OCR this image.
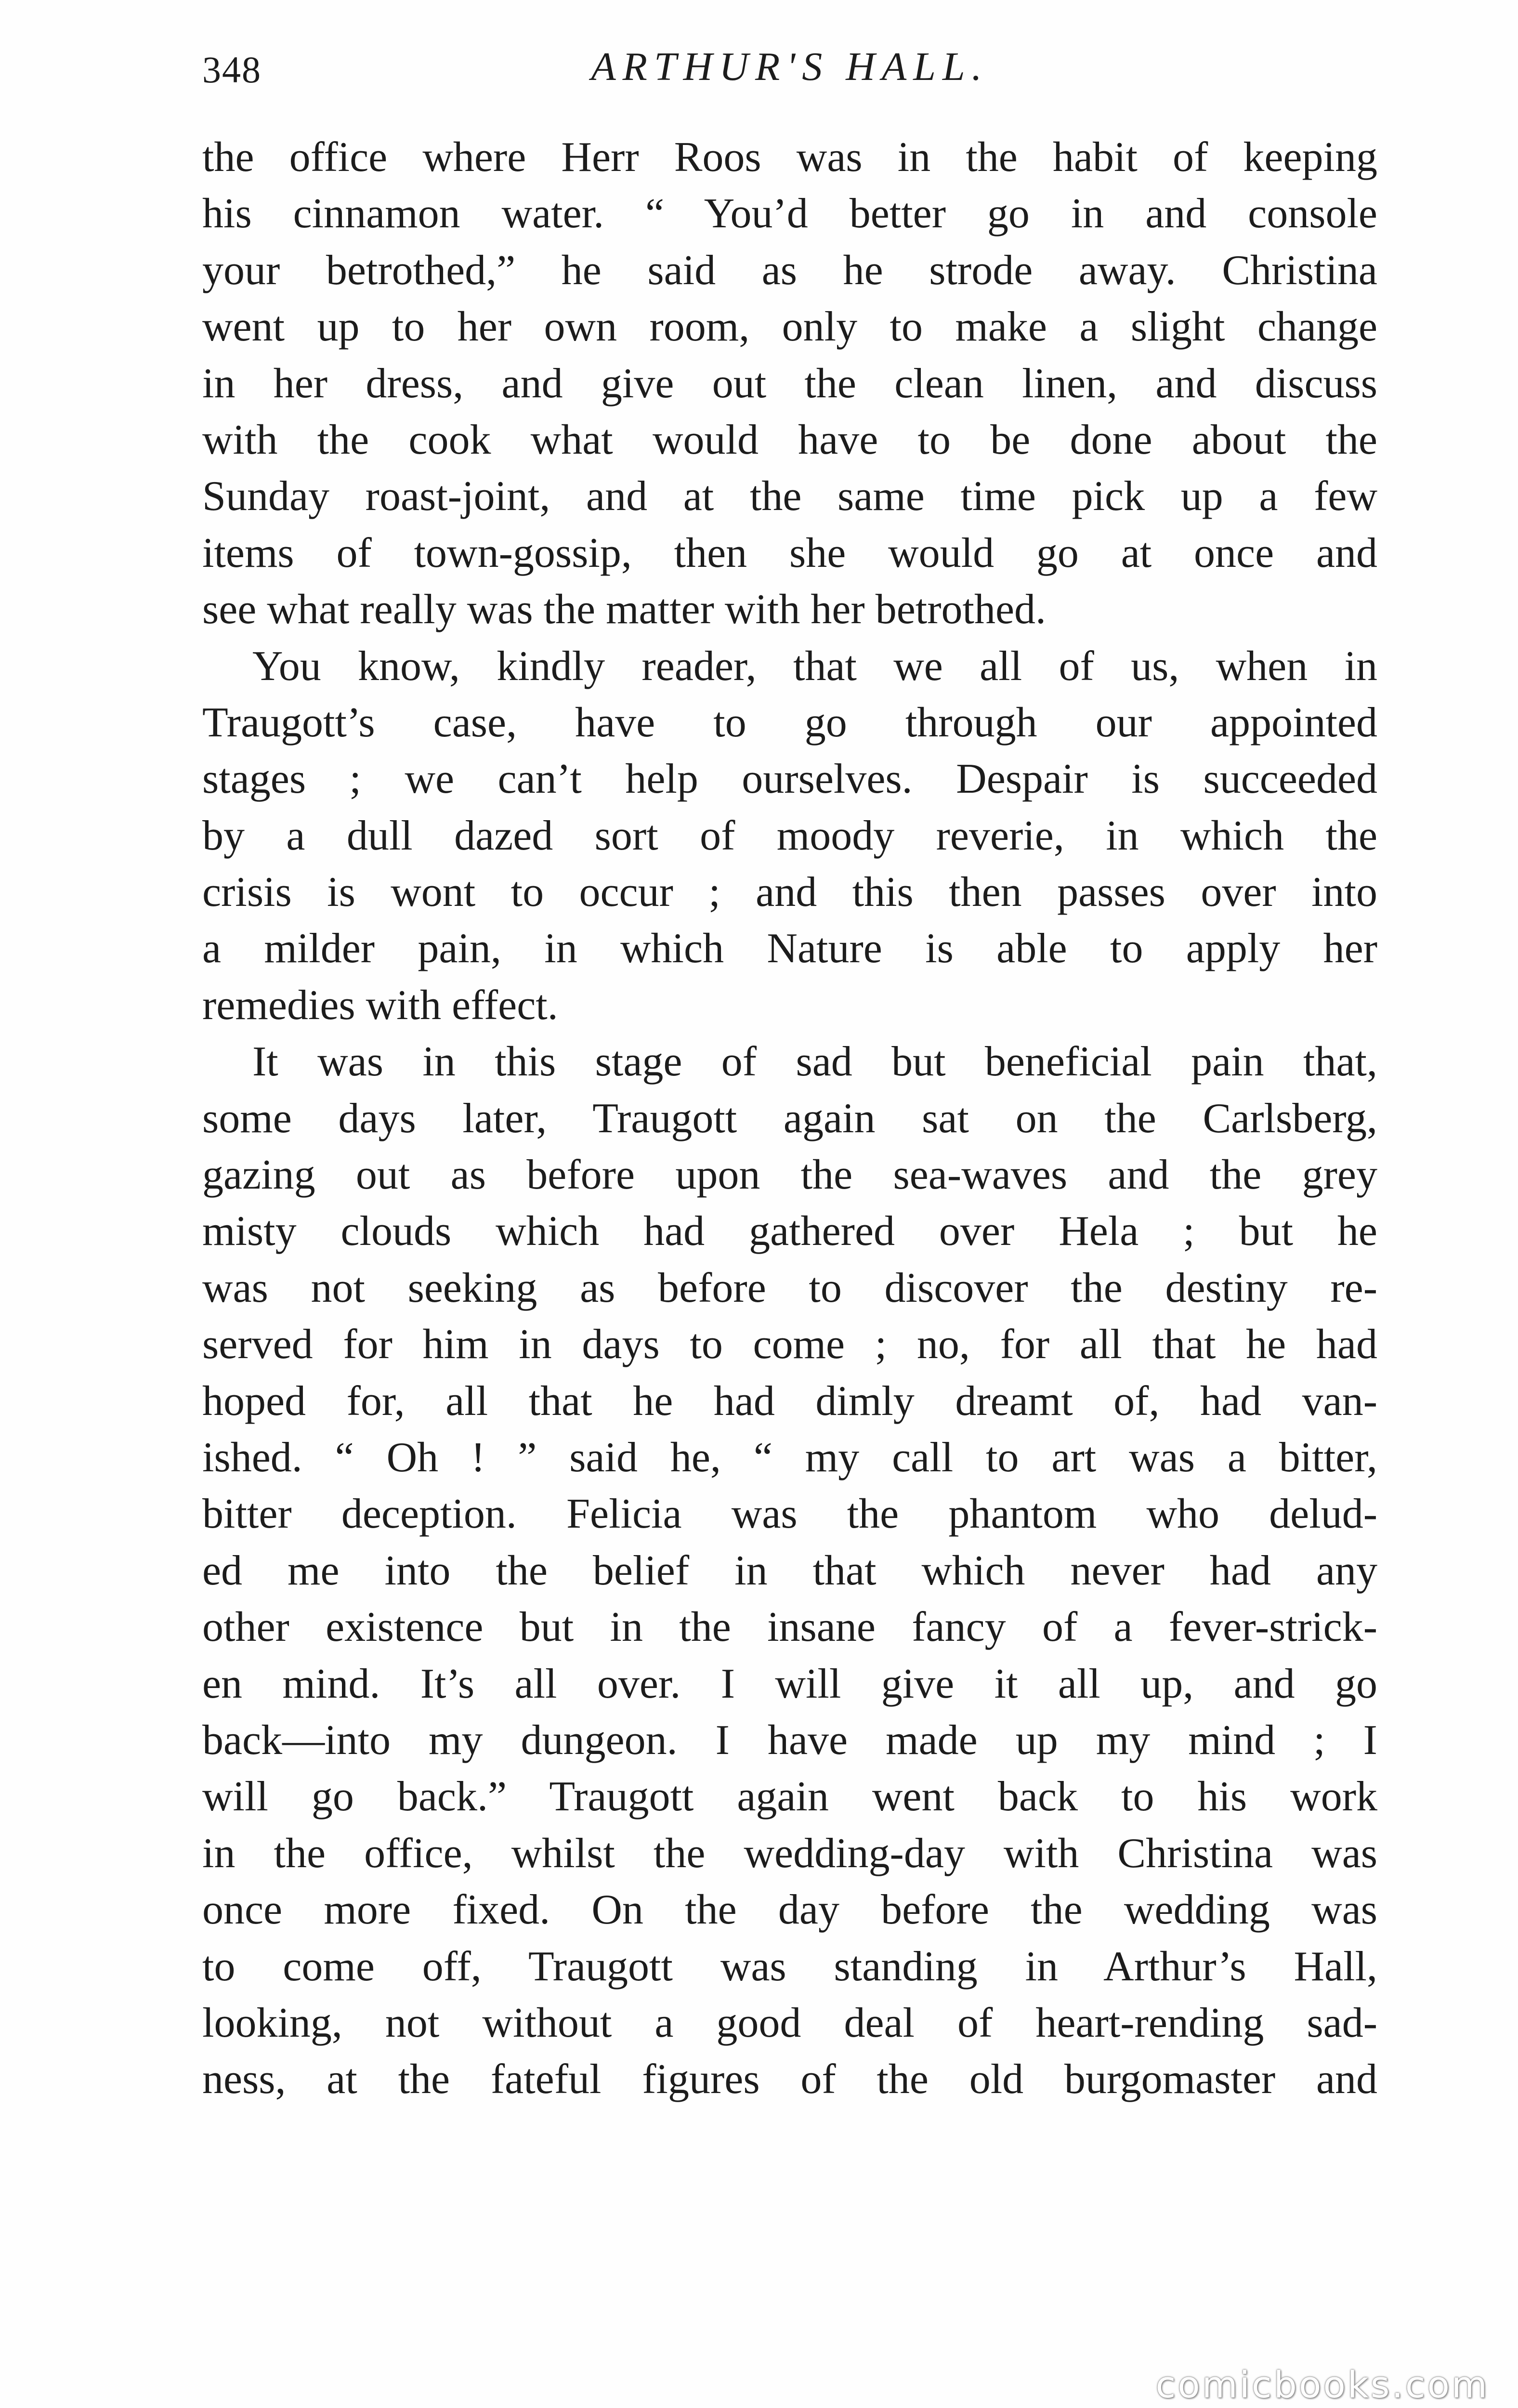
348	ARTHUR'S HALL.
the office where Herr Roos was in the habit of keeping
his cinnamon water. “ You’d better go in and console
your betrothed,” he said as he strode away. Christina
went up to her own room, only to make a slight change
in her dress, and give out the clean linen, and discuss
with the cook what would have to be done about the
Sunday roast-joint, and at the same time pick up a few
items of town-gossip, then she would go at once and
see what really was the matter with her betrothed.
You know, kindly reader, that we all of us, when in
Traugott’s case, have to go through our appointed
stages ; we can’t help ourselves. Despair is succeeded
by a dull dazed sort of moody reverie, in which the
crisis is wont to occur ; and this then passes over into
a milder pain, in which Nature is able to apply her
remedies with effect.
It was in this stage of sad but beneficial pain that,
some days later, Traugott again sat on the Carlsberg,
gazing out as before upon the sea-waves and the grey
misty clouds which had gathered over Hela ; but he
was not seeking as before to discover the destiny re-
served for him in days to come ; no, for all that he had
hoped for, all that he had dimly dreamt of, had van-
ished. “ Oh ! ” said he, “ my call to art was a bitter,
bitter deception. Felicia was the phantom who delud-
ed me into the belief in that which never had any
other existence but in the insane fancy of a fever-strick-
en mind. It’s all over. I will give it all up, and go
back—into my dungeon. I have made up my mind ; I
will go back.” Traugott again went back to his work
in the office, whilst the wedding-day with Christina was
once more fixed. On the day before the wedding was
to come off, Traugott was standing in Arthur’s Hall,
looking, not without a good deal of heart-rending sad-
ness, at the fateful figures of the old burgomaster and
comicbooks.com
